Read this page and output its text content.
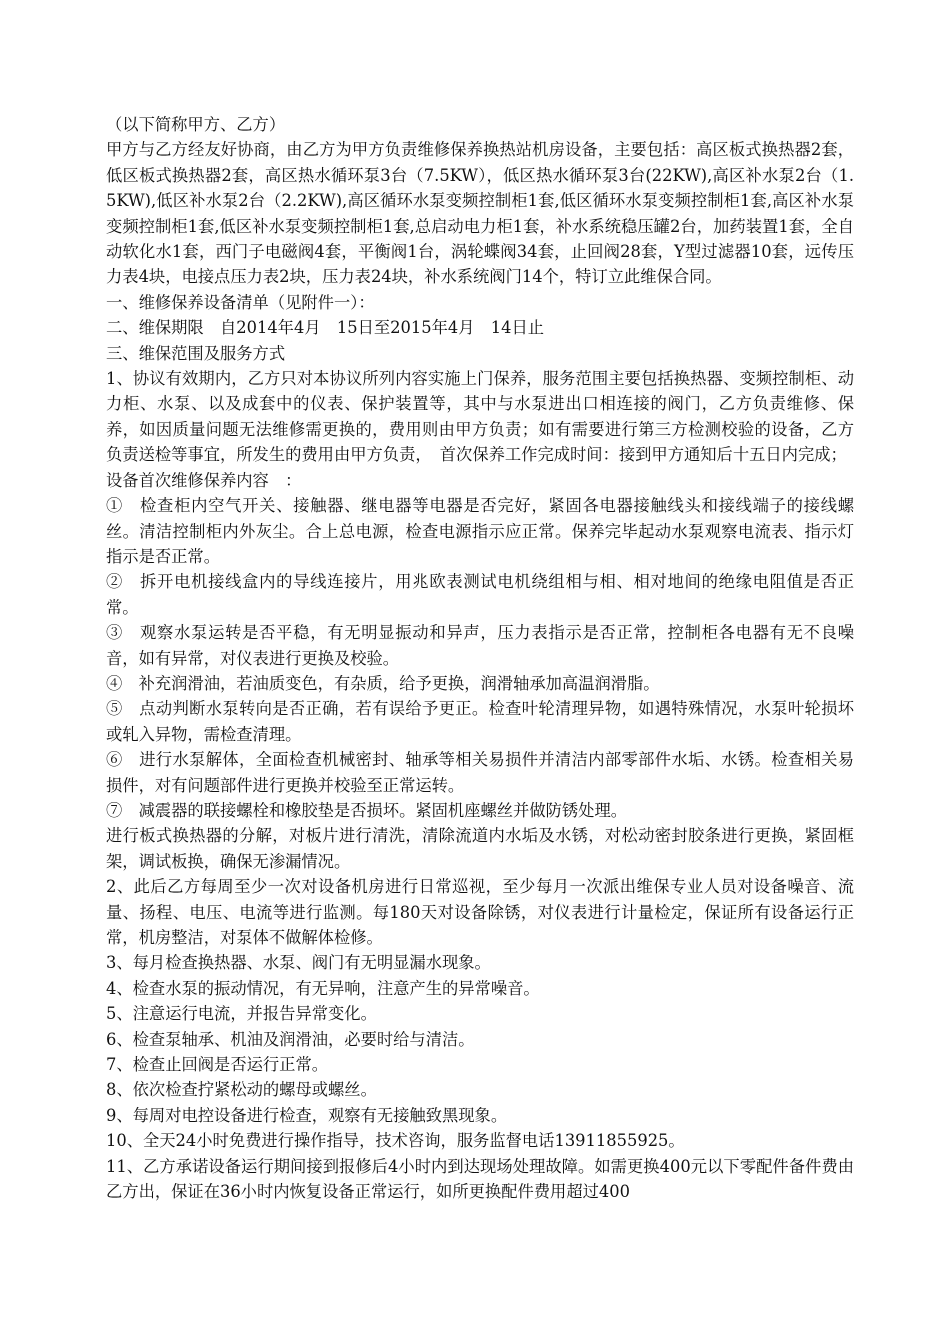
（以下简称甲方、乙方）

甲方与乙方经友好协商，由乙方为甲方负责维修保养换热站机房设备，主要包括：高区板式换热器2套，低区板式换热器2套，高区热水循环泵3台（7.5KW），低区热水循环泵3台(22KW),高区补水泵2台（1.5KW),低区补水泵2台（2.2KW),高区循环水泵变频控制柜1套,低区循环水泵变频控制柜1套,高区补水泵变频控制柜1套,低区补水泵变频控制柜1套,总启动电力柜1套，补水系统稳压罐2台，加药装置1套，全自动软化水1套，西门子电磁阀4套，平衡阀1台，涡轮蝶阀34套，止回阀28套，Y型过滤器10套，远传压力表4块，电接点压力表2块，压力表24块，补水系统阀门14个，特订立此维保合同。

一、维修保养设备清单（见附件一）：

二、维保期限　自2014年4月　15日至2015年4月　14日止

三、维保范围及服务方式

1、协议有效期内，乙方只对本协议所列内容实施上门保养，服务范围主要包括换热器、变频控制柜、动力柜、水泵、以及成套中的仪表、保护装置等，其中与水泵进出口相连接的阀门，乙方负责维修、保养，如因质量问题无法维修需更换的，费用则由甲方负责；如有需要进行第三方检测校验的设备，乙方负责送检等事宜，所发生的费用由甲方负责，　首次保养工作完成时间：接到甲方通知后十五日内完成；

设备首次维修保养内容　：

①　检查柜内空气开关、接触器、继电器等电器是否完好，紧固各电器接触线头和接线端子的接线螺丝。清洁控制柜内外灰尘。合上总电源，检查电源指示应正常。保养完毕起动水泵观察电流表、指示灯指示是否正常。

②　拆开电机接线盒内的导线连接片，用兆欧表测试电机绕组相与相、相对地间的绝缘电阻值是否正常。

③　观察水泵运转是否平稳，有无明显振动和异声，压力表指示是否正常，控制柜各电器有无不良噪音，如有异常，对仪表进行更换及校验。

④　补充润滑油，若油质变色，有杂质，给予更换，润滑轴承加高温润滑脂。

⑤　点动判断水泵转向是否正确，若有误给予更正。检查叶轮清理异物，如遇特殊情况，水泵叶轮损坏或轧入异物，需检查清理。

⑥　进行水泵解体，全面检查机械密封、轴承等相关易损件并清洁内部零部件水垢、水锈。检查相关易损件，对有问题部件进行更换并校验至正常运转。

⑦　减震器的联接螺栓和橡胶垫是否损坏。紧固机座螺丝并做防锈处理。

进行板式换热器的分解，对板片进行清洗，清除流道内水垢及水锈，对松动密封胶条进行更换，紧固框架，调试板换，确保无渗漏情况。

2、此后乙方每周至少一次对设备机房进行日常巡视，至少每月一次派出维保专业人员对设备噪音、流量、扬程、电压、电流等进行监测。每180天对设备除锈，对仪表进行计量检定，保证所有设备运行正常，机房整洁，对泵体不做解体检修。

3、每月检查换热器、水泵、阀门有无明显漏水现象。

4、检查水泵的振动情况，有无异响，注意产生的异常噪音。

5、注意运行电流，并报告异常变化。

6、检查泵轴承、机油及润滑油，必要时给与清洁。

7、检查止回阀是否运行正常。

8、依次检查拧紧松动的螺母或螺丝。

9、每周对电控设备进行检查，观察有无接触致黑现象。

10、全天24小时免费进行操作指导，技术咨询，服务监督电话13911855925。

11、乙方承诺设备运行期间接到报修后4小时内到达现场处理故障。如需更换400元以下零配件备件费由乙方出，保证在36小时内恢复设备正常运行，如所更换配件费用超过400
